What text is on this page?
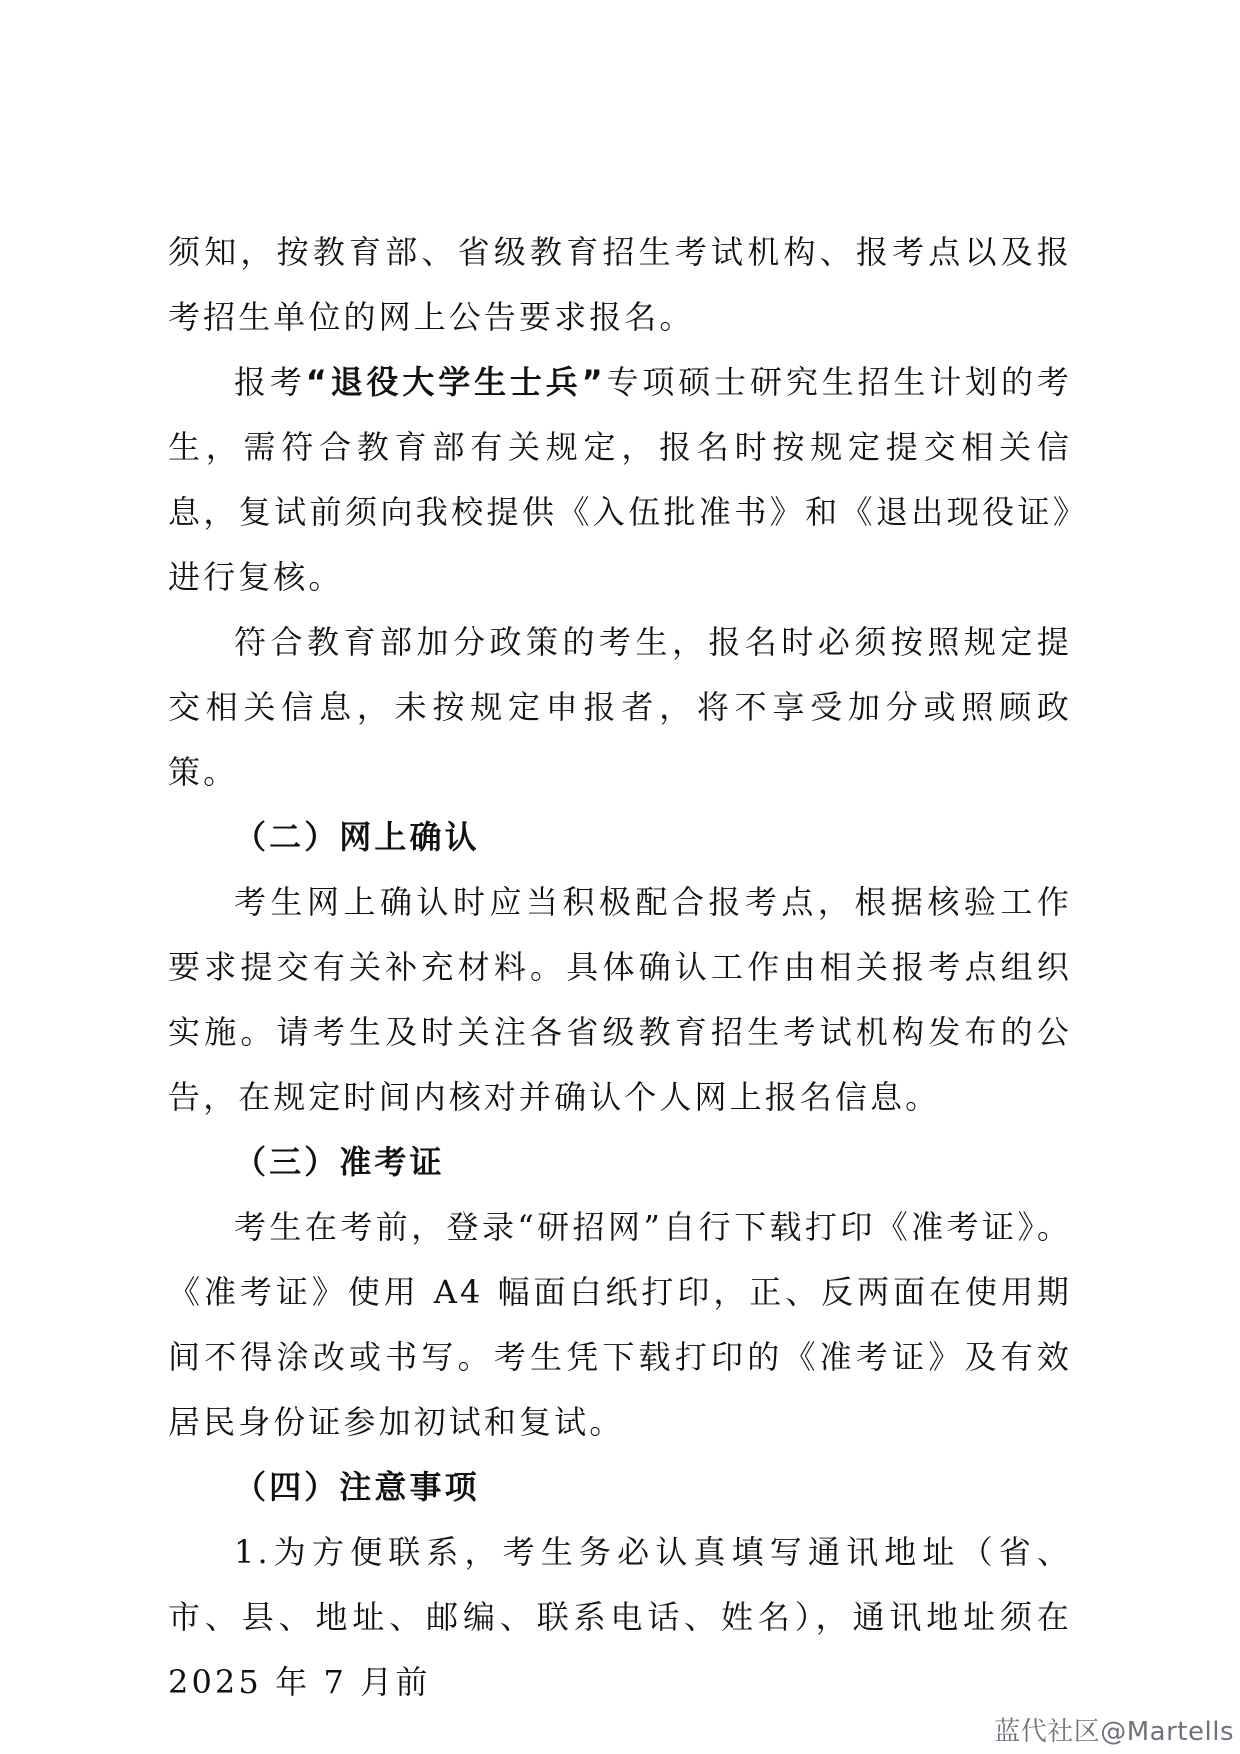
须知，按教育部、省级教育招生考试机构、报考点以及报考招生单位的网上公告要求报名。

报考“退役大学生士兵”专项硕士研究生招生计划的考生，需符合教育部有关规定，报名时按规定提交相关信息，复试前须向我校提供《入伍批准书》和《退出现役证》进行复核。

符合教育部加分政策的考生，报名时必须按照规定提交相关信息，未按规定申报者，将不享受加分或照顾政策。

（二）网上确认

考生网上确认时应当积极配合报考点，根据核验工作要求提交有关补充材料。具体确认工作由相关报考点组织实施。请考生及时关注各省级教育招生考试机构发布的公告，在规定时间内核对并确认个人网上报名信息。

（三）准考证

考生在考前，登录“研招网”自行下载打印《准考证》。《准考证》使用 A4 幅面白纸打印，正、反两面在使用期间不得涂改或书写。考生凭下载打印的《准考证》及有效居民身份证参加初试和复试。

（四）注意事项

1.为方便联系，考生务必认真填写通讯地址（省、市、县、地址、邮编、联系电话、姓名），通讯地址须在 2025 年 7 月前

蓝代社区@Martells
